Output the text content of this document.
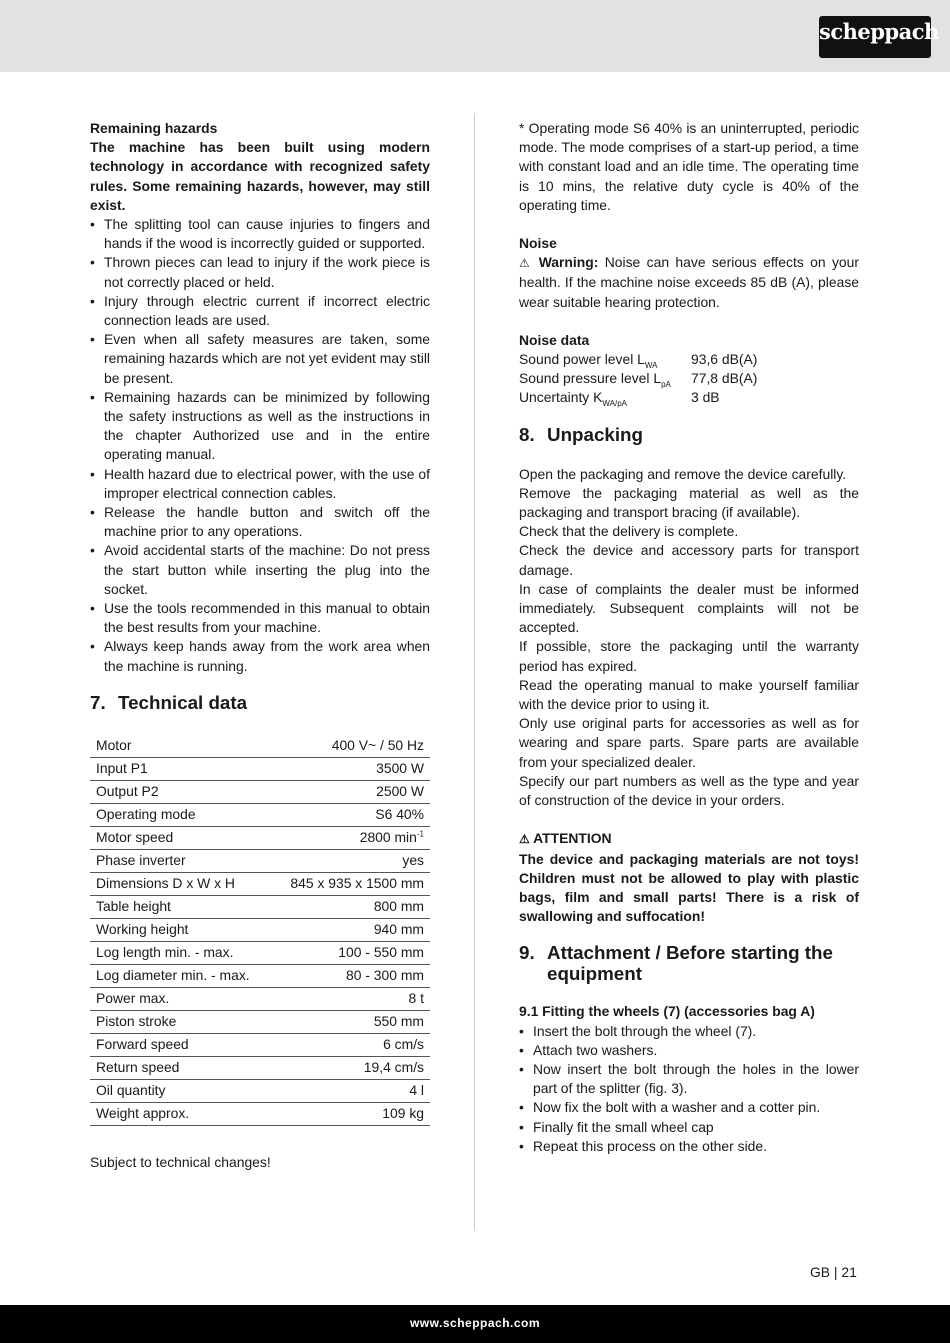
scheppach

Remaining hazards

The machine has been built using modern technology in accordance with recognized safety rules. Some remaining hazards, however, may still exist.

• The splitting tool can cause injuries to fingers and hands if the wood is incorrectly guided or supported.
• Thrown pieces can lead to injury if the work piece is not correctly placed or held.
• Injury through electric current if incorrect electric connection leads are used.
• Even when all safety measures are taken, some remaining hazards which are not yet evident may still be present.
• Remaining hazards can be minimized by following the safety instructions as well as the instructions in the chapter Authorized use and in the entire operating manual.
• Health hazard due to electrical power, with the use of improper electrical connection cables.
• Release the handle button and switch off the machine prior to any operations.
• Avoid accidental starts of the machine: Do not press the start button while inserting the plug into the socket.
• Use the tools recommended in this manual to obtain the best results from your machine.
• Always keep hands away from the work area when the machine is running.
7. Technical data
Motor	400 V~ / 50 Hz
Input P1	3500 W
Output P2	2500 W
Operating mode	S6 40%
Motor speed	2800 $\min^{-1}$
Phase inverter	yes
Dimensions D x W x H	845 x 935 x 1500 mm
Table height	800 mm
Working height	940 mm
Log length min. - max.	100 - 550 mm
Log diameter min. - max.	80 - 300 mm
Power max.	8 t
Piston stroke	550 mm
Forward speed	6 cm/s
Return speed	19,4 cm/s
Oil quantity	4 l
Weight approx.	109 kg

Subject to technical changes!

* Operating mode S6 40% is an uninterrupted, periodic mode. The mode comprises of a start-up period, a time with constant load and an idle time. The operating time is 10 mins, the relative duty cycle is 40% of the operating time.

Noise

⚠ Warning: Noise can have serious effects on your health. If the machine noise exceeds 85 dB (A), please wear suitable hearing protection.

Noise data

Sound power level $L_{WA}$	93,6 dB(A)
Sound pressure level $L_{pA}$	77,8 dB(A)
Uncertainty $K_{WA/pA}$	3 dB
8. Unpacking

Open the packaging and remove the device carefully.

Remove the packaging material as well as the packaging and transport bracing (if available).

Check that the delivery is complete.

Check the device and accessory parts for transport damage.

In case of complaints the dealer must be informed immediately. Subsequent complaints will not be accepted.

If possible, store the packaging until the warranty period has expired.

Read the operating manual to make yourself familiar with the device prior to using it.

Only use original parts for accessories as well as for wearing and spare parts. Spare parts are available from your specialized dealer.

Specify our part numbers as well as the type and year of construction of the device in your orders.

⚠ ATTENTION

The device and packaging materials are not toys! Children must not be allowed to play with plastic bags, film and small parts! There is a risk of swallowing and suffocation!

9. Attachment / Before starting the equipment

9.1 Fitting the wheels (7) (accessories bag A)

• Insert the bolt through the wheel (7).
• Attach two washers.
• Now insert the bolt through the holes in the lower part of the splitter (fig. 3).
• Now fix the bolt with a washer and a cotter pin.
• Finally fit the small wheel cap
• Repeat this process on the other side.
GB | 21
www.scheppach.com
